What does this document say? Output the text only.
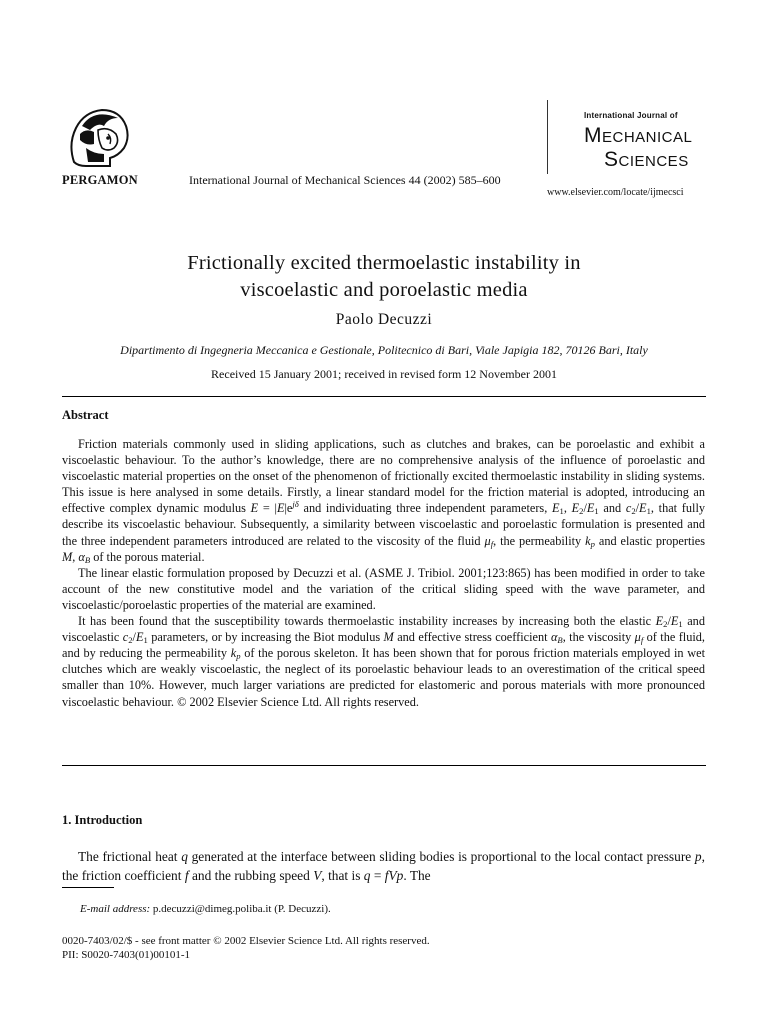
PERGAMON	International Journal of Mechanical Sciences 44 (2002) 585–600
International Journal of
MECHANICAL
SCIENCES
www.elsevier.com/locate/ijmecsci
Frictionally excited thermoelastic instability in
viscoelastic and poroelastic media
Paolo Decuzzi
Dipartimento di Ingegneria Meccanica e Gestionale, Politecnico di Bari, Viale Japigia 182, 70126 Bari, Italy
Received 15 January 2001; received in revised form 12 November 2001
Abstract

Friction materials commonly used in sliding applications, such as clutches and brakes, can be poroelastic and exhibit a viscoelastic behaviour. To the author’s knowledge, there are no comprehensive analysis of the influence of poroelastic and viscoelastic material properties on the onset of the phenomenon of frictionally excited thermoelastic instability in sliding systems. This issue is here analysed in some details. Firstly, a linear standard model for the friction material is adopted, introducing an effective complex dynamic modulus $E = |E|e^{j\delta}$ and individuating three independent parameters, $E_1$, $E_2/E_1$ and $c_2/E_1$, that fully describe its viscoelastic behaviour. Subsequently, a similarity between viscoelastic and poroelastic formulation is presented and the three independent parameters introduced are related to the viscosity of the fluid $\mu_f$, the permeability $k_p$ and elastic properties M, $\alpha_B$ of the porous material.

The linear elastic formulation proposed by Decuzzi et al. (ASME J. Tribiol. 2001;123:865) has been modified in order to take account of the new constitutive model and the variation of the critical sliding speed with the wave parameter, and viscoelastic/poroelastic properties of the material are examined.

It has been found that the susceptibility towards thermoelastic instability increases by increasing both the elastic $E_2/E_1$ and viscoelastic $c_2/E_1$ parameters, or by increasing the Biot modulus M and effective stress coefficient $\alpha_B$, the viscosity $\mu_f$ of the fluid, and by reducing the permeability $k_p$ of the porous skeleton. It has been shown that for porous friction materials employed in wet clutches which are weakly viscoelastic, the neglect of its poroelastic behaviour leads to an overestimation of the critical speed smaller than 10%. However, much larger variations are predicted for elastomeric and porous materials with more pronounced viscoelastic behaviour. © 2002 Elsevier Science Ltd. All rights reserved.

1. Introduction

The frictional heat q generated at the interface between sliding bodies is proportional to the local contact pressure p, the friction coefficient f and the rubbing speed V, that is q = fVp. The

E-mail address: p.decuzzi@dimeg.poliba.it (P. Decuzzi).
0020-7403/02/$ - see front matter © 2002 Elsevier Science Ltd. All rights reserved.
PII: S0020-7403(01)00101-1
